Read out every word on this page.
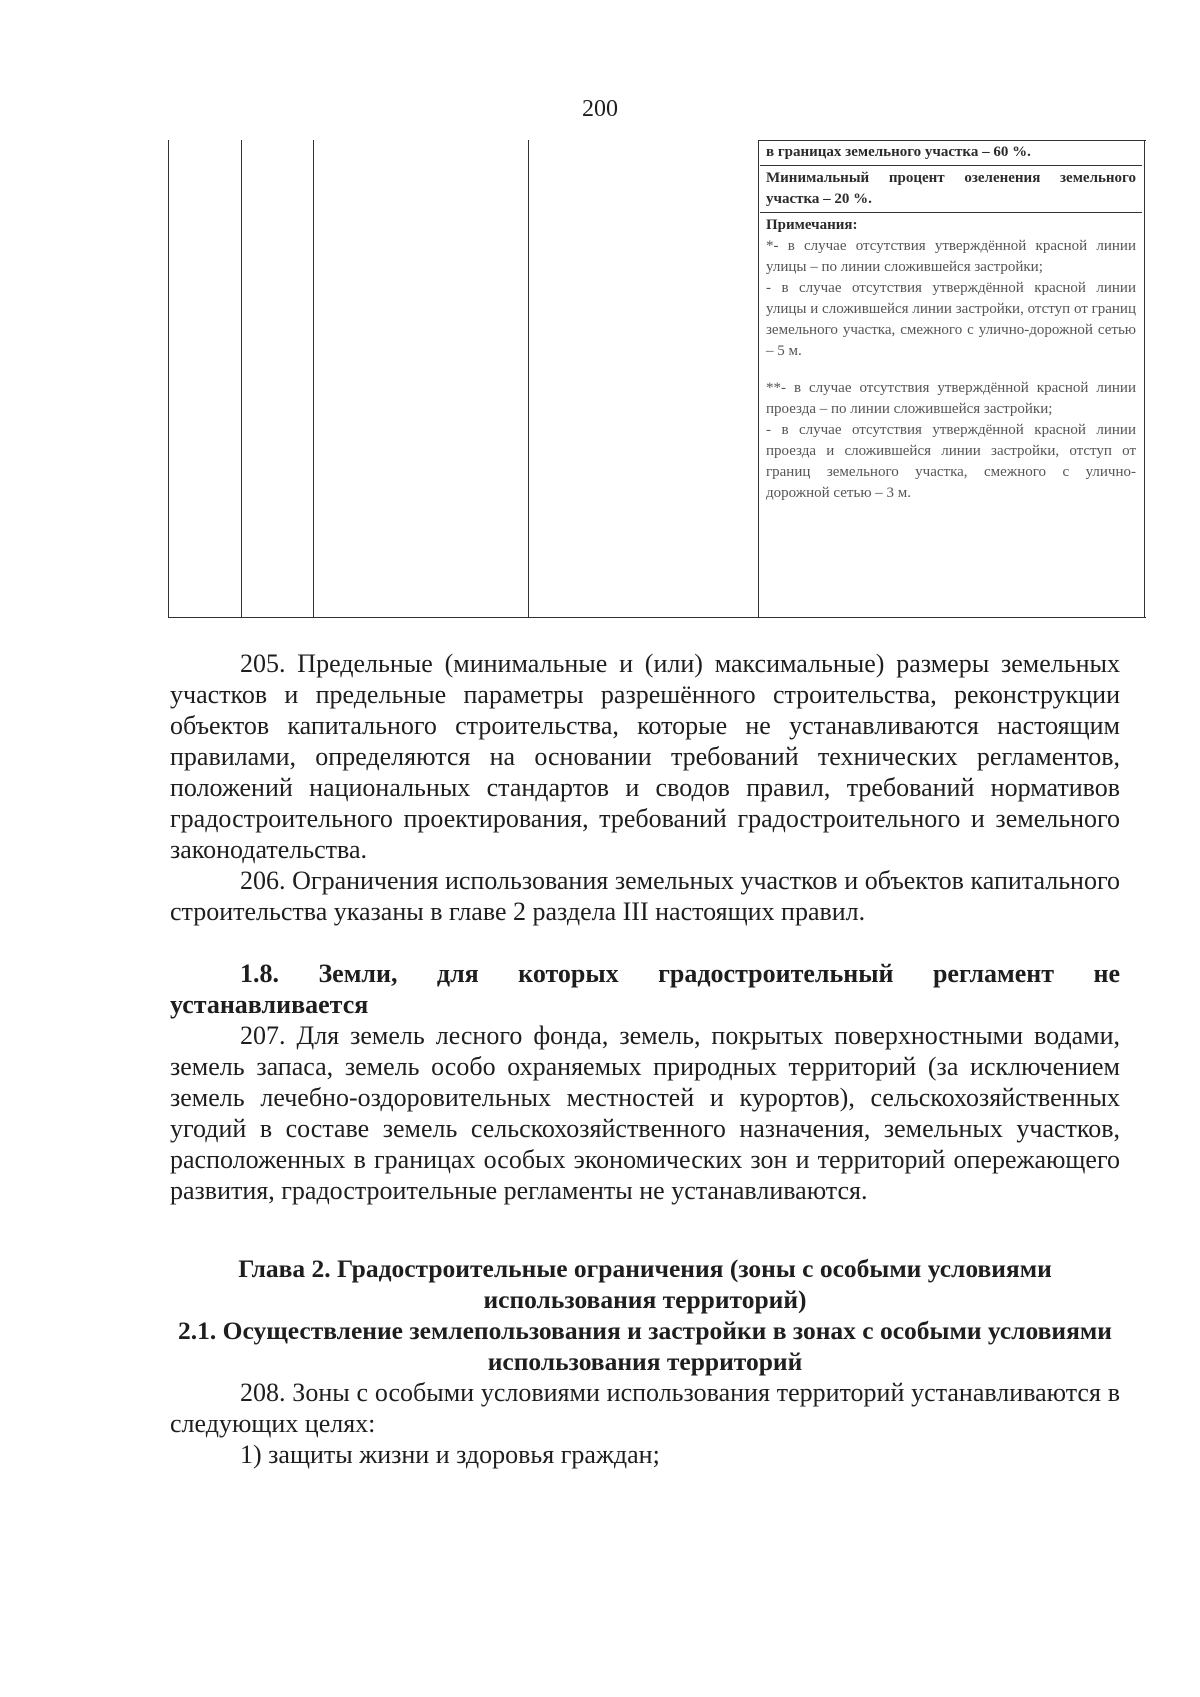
200
в границах земельного участка – 60 %.
Минимальный процент озеленения земельного участка – 20 %.

Примечания:

*- в случае отсутствия утверждённой красной линии улицы – по линии сложившейся застройки;

- в случае отсутствия утверждённой красной линии улицы и сложившейся линии застройки, отступ от границ земельного участка, смежного с улично-дорожной сетью – 5 м.

**- в случае отсутствия утверждённой красной линии проезда – по линии сложившейся застройки;

- в случае отсутствия утверждённой красной линии проезда и сложившейся линии застройки, отступ от границ земельного участка, смежного с улично-дорожной сетью – 3 м.

205. Предельные (минимальные и (или) максимальные) размеры земельных участков и предельные параметры разрешённого строительства, реконструкции объектов капитального строительства, которые не устанавливаются настоящим правилами, определяются на основании требований технических регламентов, положений национальных стандартов и сводов правил, требований нормативов градостроительного проектирования, требований градостроительного и земельного законодательства.

206. Ограничения использования земельных участков и объектов капитального строительства указаны в главе 2 раздела III настоящих правил.

1.8. Земли, для которых градостроительный регламент не устанавливается

207. Для земель лесного фонда, земель, покрытых поверхностными водами, земель запаса, земель особо охраняемых природных территорий (за исключением земель лечебно-оздоровительных местностей и курортов), сельскохозяйственных угодий в составе земель сельскохозяйственного назначения, земельных участков, расположенных в границах особых экономических зон и территорий опережающего развития, градостроительные регламенты не устанавливаются.

Глава 2. Градостроительные ограничения (зоны с особыми условиями использования территорий)

2.1. Осуществление землепользования и застройки в зонах с особыми условиями использования территорий

208. Зоны с особыми условиями использования территорий устанавливаются в следующих целях:

1) защиты жизни и здоровья граждан;
